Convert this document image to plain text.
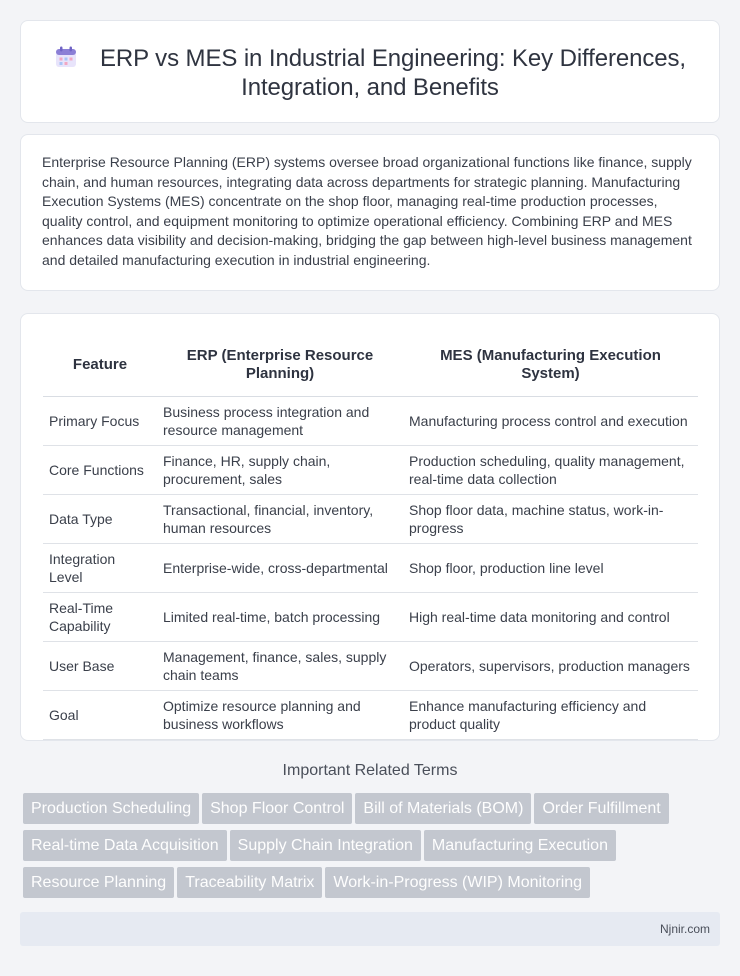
ERP vs MES in Industrial Engineering: Key Differences,
Integration, and Benefits

Enterprise Resource Planning (ERP) systems oversee broad organizational functions like finance, supply chain, and human resources, integrating data across departments for strategic planning. Manufacturing Execution Systems (MES) concentrate on the shop floor, managing real-time production processes, quality control, and equipment monitoring to optimize operational efficiency. Combining ERP and MES enhances data visibility and decision-making, bridging the gap between high-level business management and detailed manufacturing execution in industrial engineering.

Feature	ERP (Enterprise Resource Planning)	MES (Manufacturing Execution System)
Primary Focus	Business process integration and resource management	Manufacturing process control and execution
Core Functions	Finance, HR, supply chain, procurement, sales	Production scheduling, quality management, real-time data collection
Data Type	Transactional, financial, inventory, human resources	Shop floor data, machine status, work-in-progress
Integration Level	Enterprise-wide, cross-departmental	Shop floor, production line level
Real-Time Capability	Limited real-time, batch processing	High real-time data monitoring and control
User Base	Management, finance, sales, supply chain teams	Operators, supervisors, production managers
Goal	Optimize resource planning and business workflows	Enhance manufacturing efficiency and product quality
Important Related Terms
Production Scheduling Shop Floor Control Bill of Materials (BOM) Order Fulfillment
Real-time Data Acquisition Supply Chain Integration Manufacturing Execution
Resource Planning Traceability Matrix Work-in-Progress (WIP) Monitoring
Njnir.com
